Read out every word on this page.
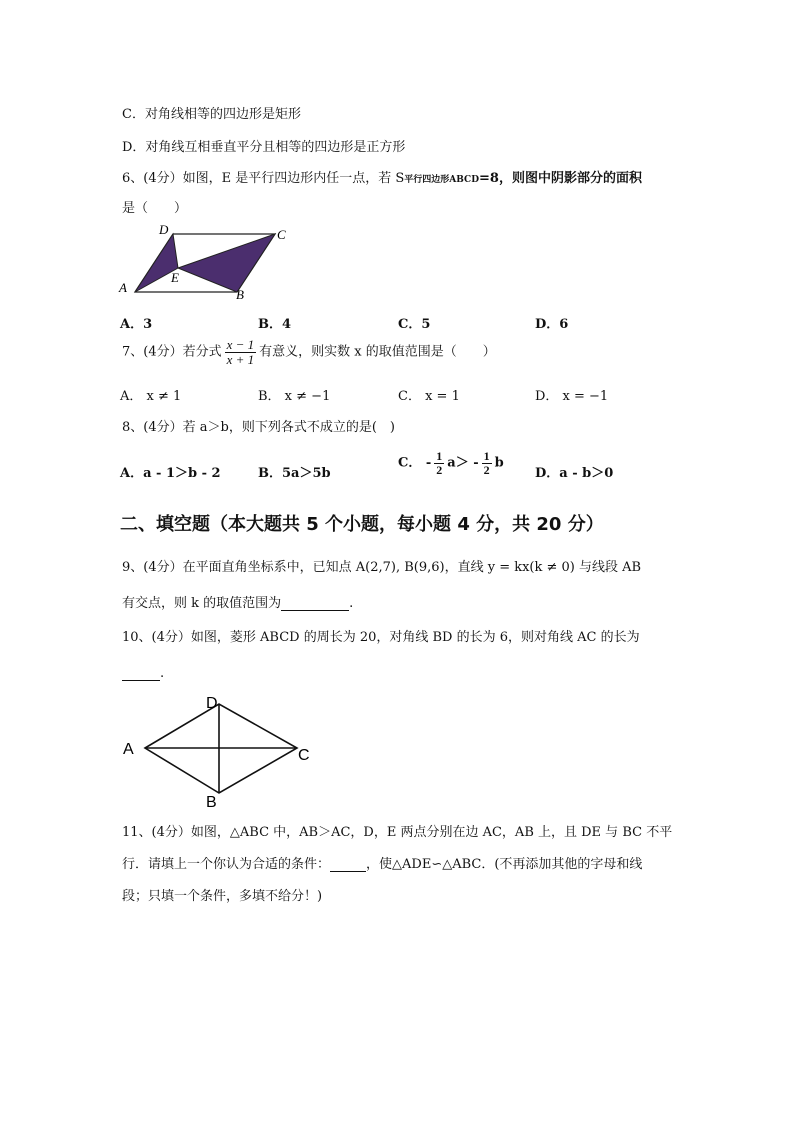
C．对角线相等的四边形是矩形
D．对角线互相垂直平分且相等的四边形是正方形
6、(4分）如图，E 是平行四边形内任一点，若 S平行四边形ABCD=8，则图中阴影部分的面积
是（　　）
A	B
C
D
E
A．3	B．4	C．5	D．6
7、(4分）若分式 $\frac{x - 1}{x + 1}$ 有意义，则实数 x 的取值范围是（　　）
A． x ≠ 1	B． x ≠ −1	C． x = 1	D． x = −1
8、(4分）若 a＞b，则下列各式不成立的是(　)
A．a - 1＞b - 2	B．5a＞5b
C． - $\frac{1}{2} a> - \frac{1}{2}$ b
D．a - b＞0
二、填空题（本大题共 5 个小题，每小题 4 分，共 20 分）
9、(4分）在平面直角坐标系中，已知点 A(2,7), B(9,6)，直线 y = kx(k ≠ 0) 与线段 AB
有交点，则 k 的取值范围为	.
10、(4分）如图，菱形 ABCD 的周长为 20，对角线 BD 的长为 6，则对角线 AC 的长为
.
A	C
D
B
11、(4分）如图，△ABC 中，AB＞AC，D，E 两点分别在边 AC，AB 上，且 DE 与 BC 不平
行．请填上一个你认为合适的条件：	，使△ADE∽△ABC．(不再添加其他的字母和线
段；只填一个条件，多填不给分！)
